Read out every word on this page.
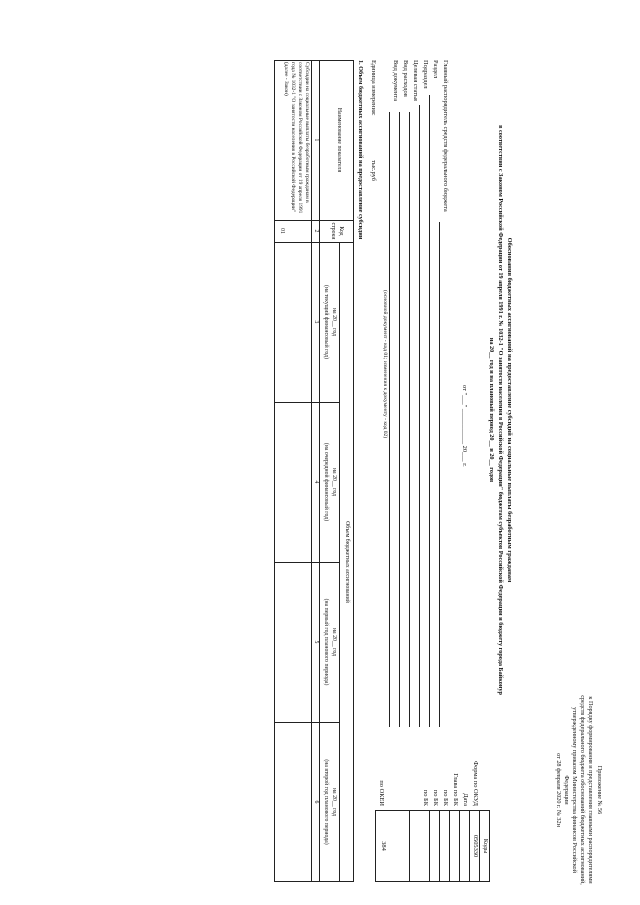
Приложение № 56
к Порядку формирования и представления главными распорядителями
средств федерального бюджета обоснований бюджетных ассигнований,
утвержденному приказом Министерства финансов Российской
Федерации
от 28 февраля 2020 г. № 32н
Обоснования бюджетных ассигнований на предоставление субсидий на социальные выплаты безработным гражданам
в соответствии с Законом Российской Федерации от 19 апреля 1991 г. № 1032-1 "О занятости населения в Российской Федерации" бюджетам субъектов Российской Федерации и бюджету города Байконур
на 20__ год и на плановый период 20__ и 20__ годов
от "___" ___________ 20___ г.
Коды
0505330
384
Форма по ОКУД
Дата
Глава по БК
по БК
по БК
по БК
по ОКЕИ
Главный распорядитель средств федерального бюджета
Раздел
Подраздел
Целевая статья
Вид расходов
Вид документа
(основной документ - код 01; изменения к документу - код 02)
Единица измерения:
тыс.руб
1. Объем бюджетных ассигнований на предоставление субсидии
Наименование показателя
Код строки
Объем бюджетных ассигнований
на 20__ год
(на текущий финансовый год)
на 20__ год
(на очередной финансовый год)
на 20__ год
(на первый год планового периода)
на 20__ год
(на второй год планового периода)
1
2
3
4
5
6
Субсидии на социальные выплаты безработным гражданам в соответствии с Законом Российской Федерации от 19 апреля 1991 года № 1032-1 "О занятости населения в Российской Федерации" (далее - Закон)
01
